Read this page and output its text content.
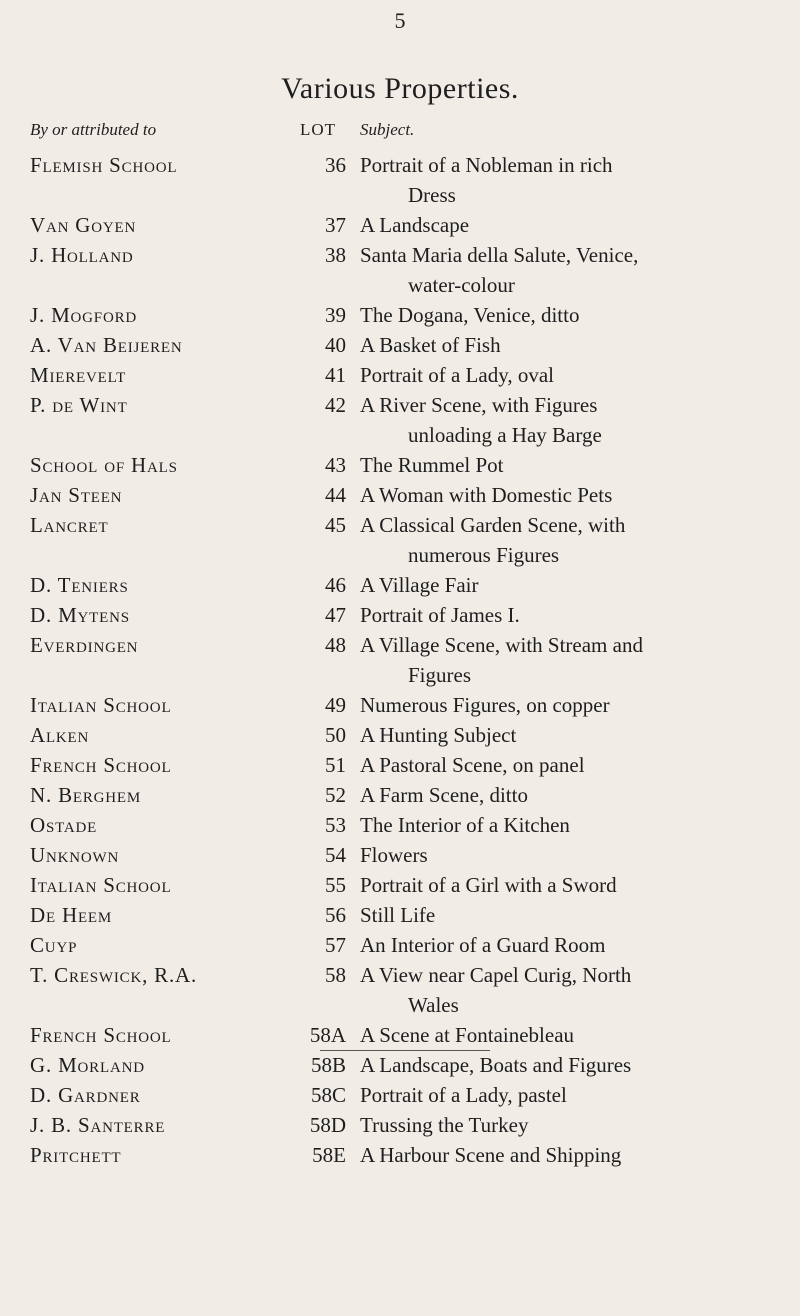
5
Various Properties.
By or attributed to	LOT Subject.
Flemish School	36 Portrait of a Nobleman in rich
Dress
Van Goyen	37 A Landscape
J. Holland	38 Santa Maria della Salute, Venice,
water-colour
J. Mogford	39 The Dogana, Venice, ditto
A. Van Beijeren	40 A Basket of Fish
Mierevelt	41 Portrait of a Lady, oval
P. de Wint	42 A River Scene, with Figures
unloading a Hay Barge
School of Hals	43 The Rummel Pot
Jan Steen	44 A Woman with Domestic Pets
Lancret	45 A Classical Garden Scene, with
numerous Figures
D. Teniers	46 A Village Fair
D. Mytens	47 Portrait of James I.
Everdingen	48 A Village Scene, with Stream and
Figures
Italian School	49 Numerous Figures, on copper
Alken	50 A Hunting Subject
French School	51 A Pastoral Scene, on panel
N. Berghem	52 A Farm Scene, ditto
Ostade	53 The Interior of a Kitchen
Unknown	54 Flowers
Italian School	55 Portrait of a Girl with a Sword
De Heem	56 Still Life
Cuyp	57 An Interior of a Guard Room
T. Creswick, R.A.	58 A View near Capel Curig, North
Wales
French School	58A A Scene at Fontainebleau
G. Morland	58B A Landscape, Boats and Figures
D. Gardner	58C Portrait of a Lady, pastel
J. B. Santerre	58D Trussing the Turkey
Pritchett	58E A Harbour Scene and Shipping
